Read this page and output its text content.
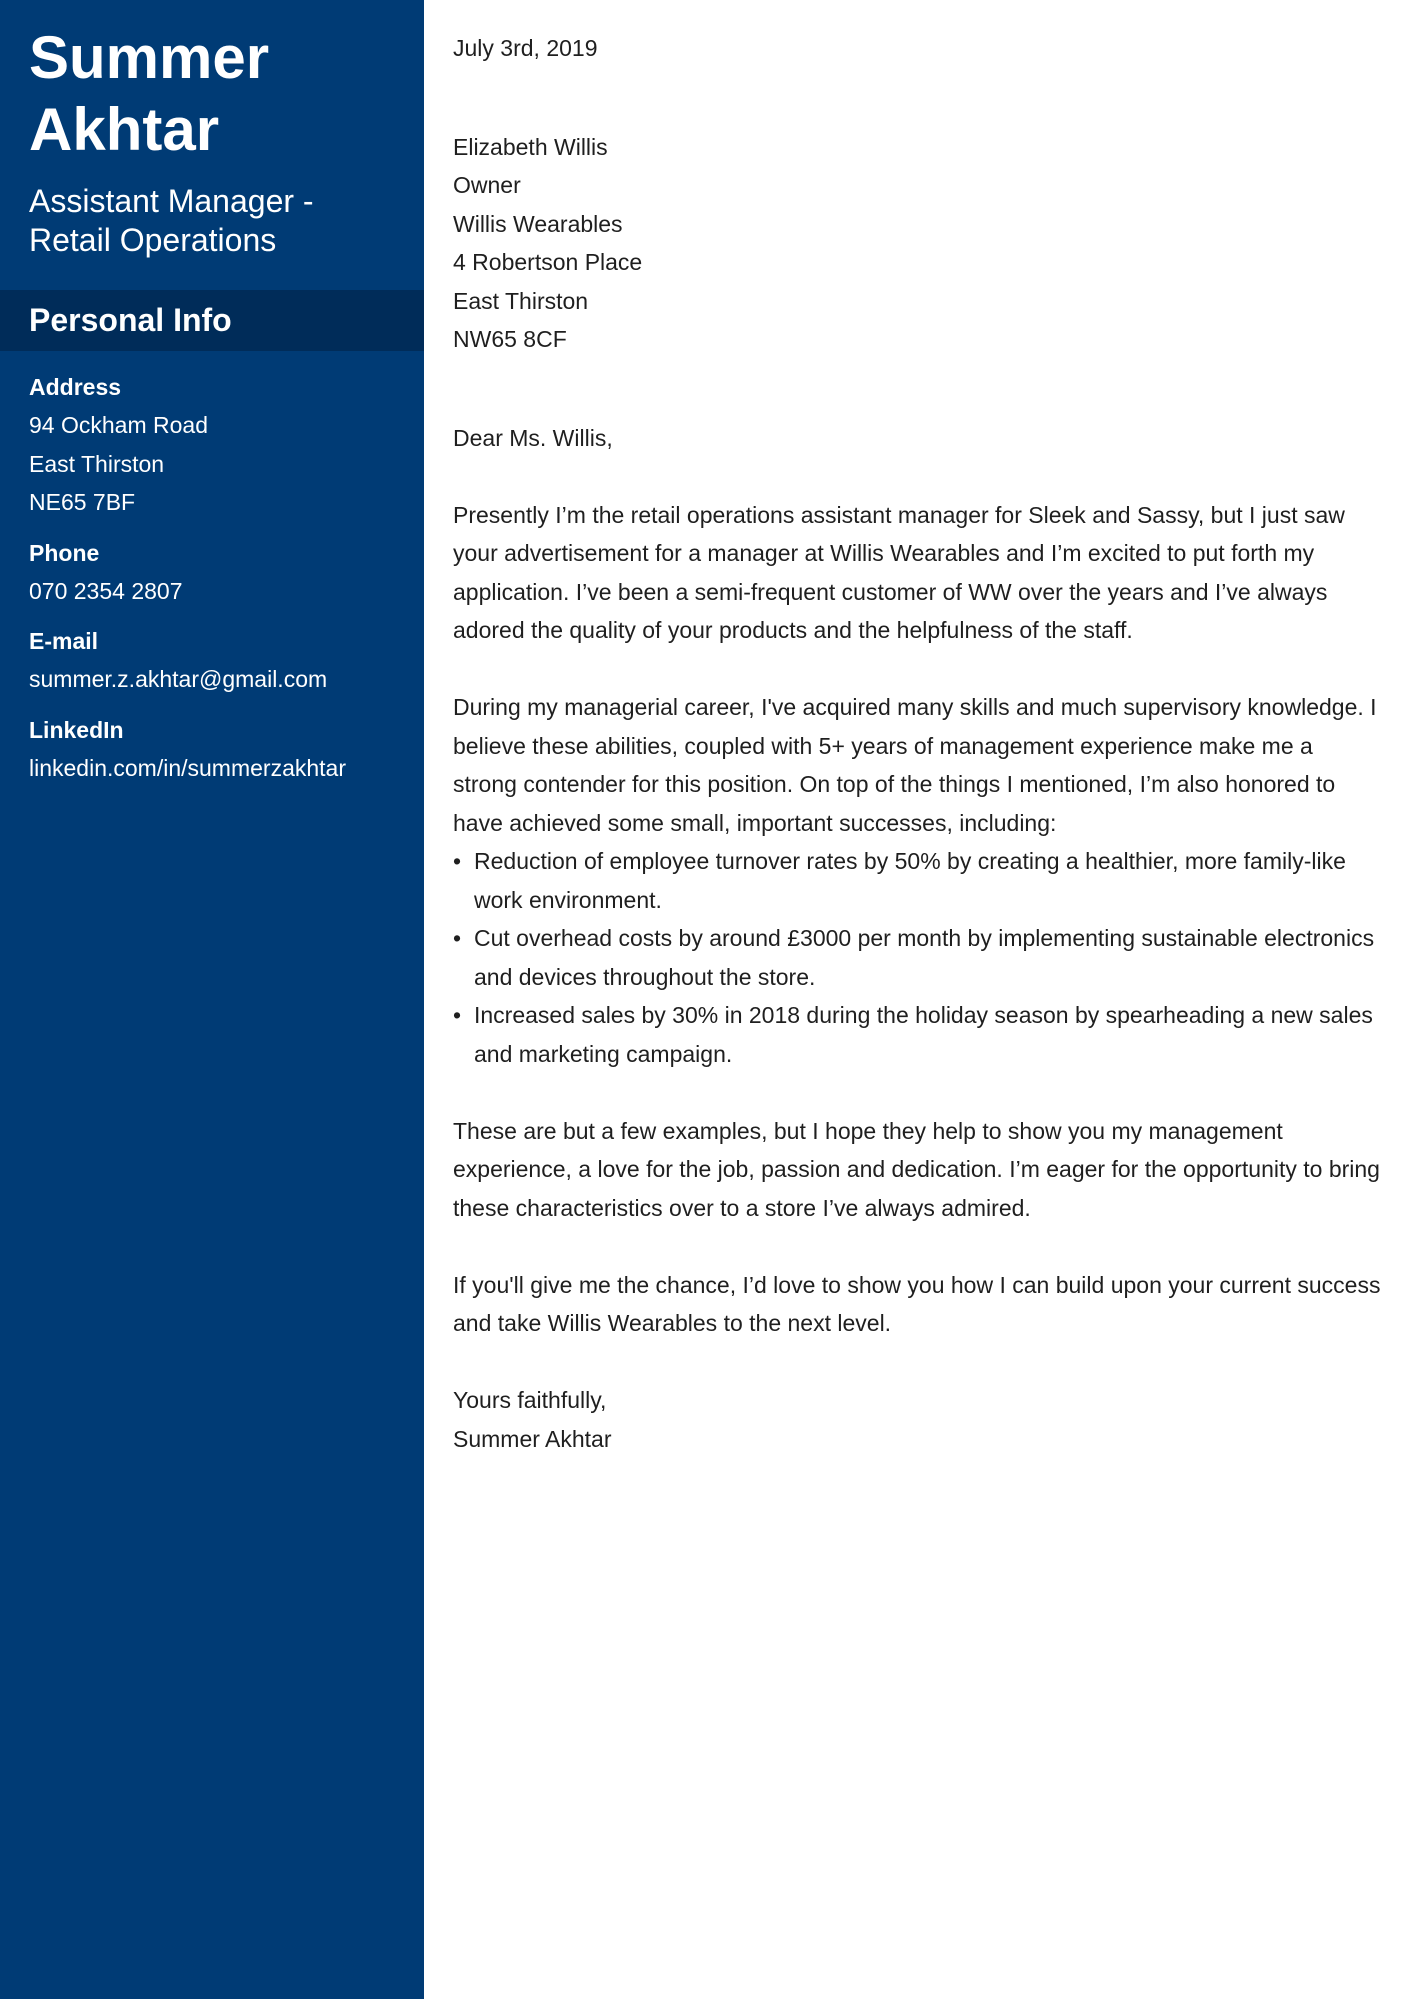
Summer
Akhtar
Assistant Manager -
Retail Operations
Personal Info
Address
94 Ockham Road
East Thirston
NE65 7BF
Phone
070 2354 2807
E-mail
summer.z.akhtar@gmail.com
LinkedIn
linkedin.com/in/summerzakhtar
July 3rd, 2019
Elizabeth Willis
Owner
Willis Wearables
4 Robertson Place
East Thirston
NW65 8CF

Dear Ms. Willis,

Presently I’m the retail operations assistant manager for Sleek and Sassy, but I just saw your advertisement for a manager at Willis Wearables and I’m excited to put forth my application. I’ve been a semi-frequent customer of WW over the years and I’ve always adored the quality of your products and the helpfulness of the staff.

During my managerial career, I've acquired many skills and much supervisory knowledge. I believe these abilities, coupled with 5+ years of management experience make me a strong contender for this position. On top of the things I mentioned, I’m also honored to have achieved some small, important successes, including:

• Reduction of employee turnover rates by 50% by creating a healthier, more family-like work environment.
• Cut overhead costs by around £3000 per month by implementing sustainable electronics and devices throughout the store.
• Increased sales by 30% in 2018 during the holiday season by spearheading a new sales and marketing campaign.

These are but a few examples, but I hope they help to show you my management experience, a love for the job, passion and dedication. I’m eager for the opportunity to bring these characteristics over to a store I’ve always admired.

If you'll give me the chance, I’d love to show you how I can build upon your current success and take Willis Wearables to the next level.

Yours faithfully,
Summer Akhtar
